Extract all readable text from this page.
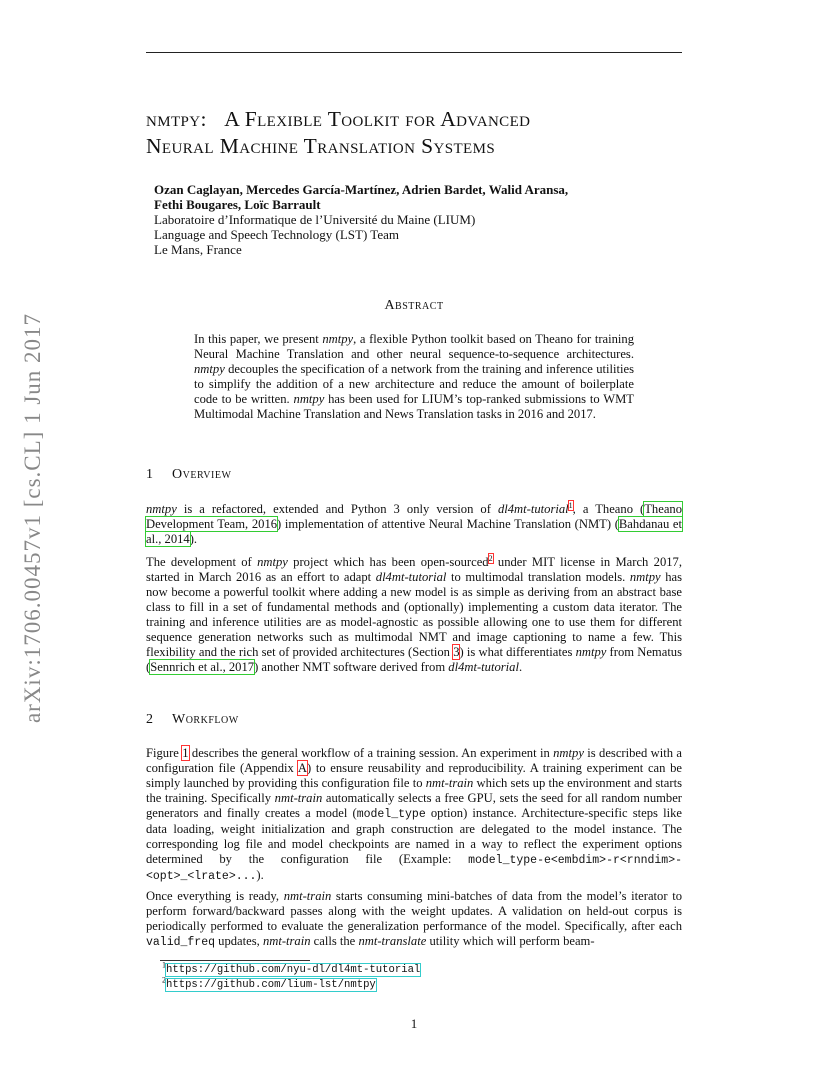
arXiv:1706.00457v1 [cs.CL] 1 Jun 2017
nmtpy: A Flexible Toolkit for Advanced
Neural Machine Translation Systems
Ozan Caglayan, Mercedes García-Martínez, Adrien Bardet, Walid Aransa,
Fethi Bougares, Loïc Barrault
Laboratoire d’Informatique de l’Université du Maine (LIUM)
Language and Speech Technology (LST) Team
Le Mans, France
Abstract
In this paper, we present nmtpy, a flexible Python toolkit based on Theano for training Neural Machine Translation and other neural sequence-to-sequence architectures. nmtpy decouples the specification of a network from the training and inference utilities to simplify the addition of a new architecture and reduce the amount of boilerplate code to be written. nmtpy has been used for LIUM’s top-ranked submissions to WMT Multimodal Machine Translation and News Translation tasks in 2016 and 2017.
1 Overview

nmtpy is a refactored, extended and Python 3 only version of dl4mt-tutorial$^1$, a Theano (Theano Development Team, 2016) implementation of attentive Neural Machine Translation (NMT) (Bahdanau et al., 2014).

The development of nmtpy project which has been open-sourced$^2$ under MIT license in March 2017, started in March 2016 as an effort to adapt dl4mt-tutorial to multimodal translation models. nmtpy has now become a powerful toolkit where adding a new model is as simple as deriving from an abstract base class to fill in a set of fundamental methods and (optionally) implementing a custom data iterator. The training and inference utilities are as model-agnostic as possible allowing one to use them for different sequence generation networks such as multimodal NMT and image captioning to name a few. This flexibility and the rich set of provided architectures (Section 3) is what differentiates nmtpy from Nematus (Sennrich et al., 2017) another NMT software derived from dl4mt-tutorial.

2 Workflow

Figure 1 describes the general workflow of a training session. An experiment in nmtpy is described with a configuration file (Appendix A) to ensure reusability and reproducibility. A training experiment can be simply launched by providing this configuration file to nmt-train which sets up the environment and starts the training. Specifically nmt-train automatically selects a free GPU, sets the seed for all random number generators and finally creates a model (model_type option) instance. Architecture-specific steps like data loading, weight initialization and graph construction are delegated to the model instance. The corresponding log file and model checkpoints are named in a way to reflect the experiment options determined by the configuration file (Example: model_type-e<embdim>-r<rnndim>-<opt>_<lrate>...).

Once everything is ready, nmt-train starts consuming mini-batches of data from the model’s iterator to perform forward/backward passes along with the weight updates. A validation on held-out corpus is periodically performed to evaluate the generalization performance of the model. Specifically, after each valid_freq updates, nmt-train calls the nmt-translate utility which will perform beam-

$^1$https://github.com/nyu-dl/dl4mt-tutorial
$^2$https://github.com/lium-lst/nmtpy
1
